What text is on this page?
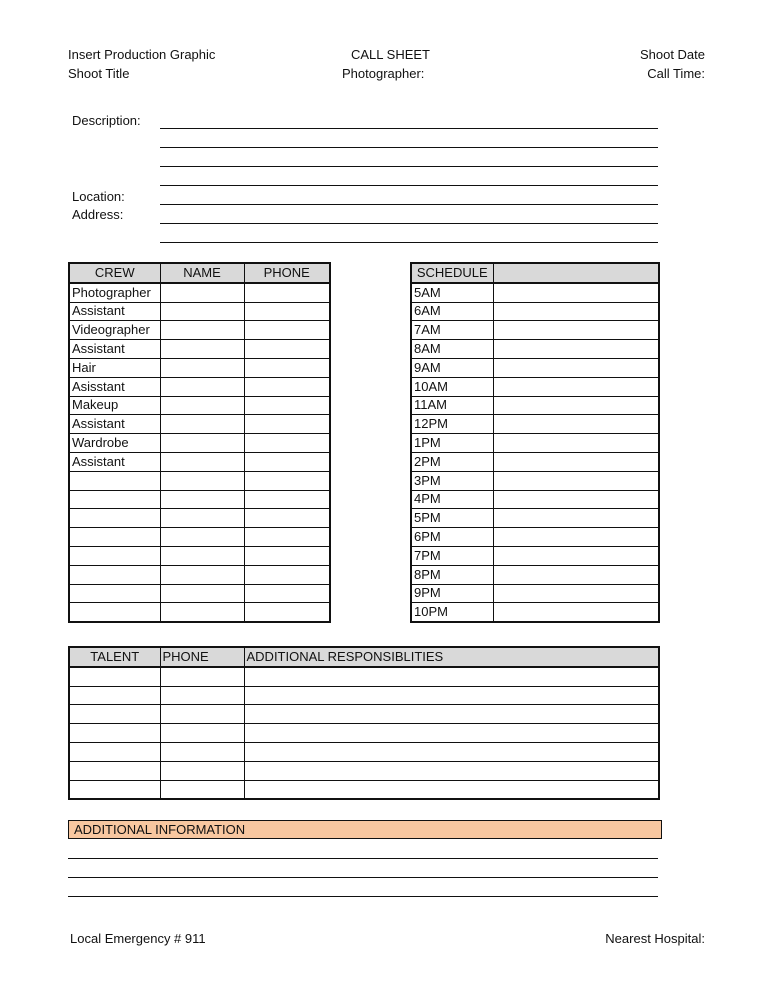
Insert Production Graphic
Shoot Title
CALL SHEET
Photographer:
Shoot Date
Call Time:
Description:
Location:
Address:
CREW	NAME	PHONE
Photographer		
Assistant		
Videographer		
Assistant		
Hair		
Asisstant		
Makeup		
Assistant		
Wardrobe		
Assistant		

SCHEDULE	
5AM	
6AM	
7AM	
8AM	
9AM	
10AM	
11AM	
12PM	
1PM	
2PM	
3PM	
4PM	
5PM	
6PM	
7PM	
8PM	
9PM	
10PM	
TALENT	PHONE	ADDITIONAL RESPONSIBLITIES

ADDITIONAL INFORMATION
Local Emergency # 911	Nearest Hospital:
